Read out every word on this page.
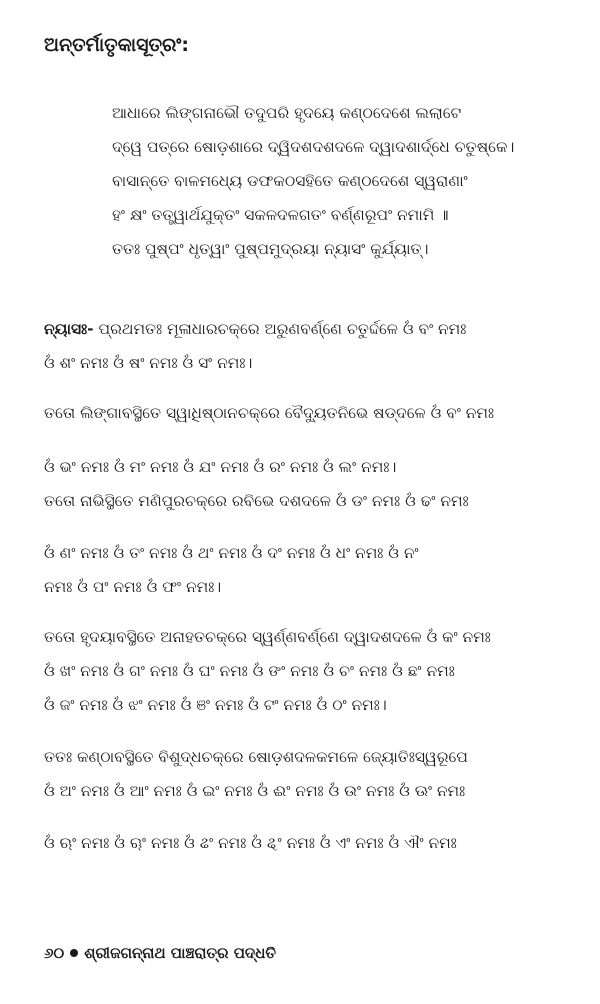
ଅନ୍ତର୍ମାତୃକାସୂତ୍ରଂ:
ଆଧାରେ ଲିଙ୍ଗନାଭୌ ତଦୁପରି ହୃଦୟେ କଣ୍ଠଦେଶେ ଲଲାଟେ
ଦ୍ୱେ ପତ୍ରେ ଷୋଡ଼ଶାରେ ଦ୍ୱିଦଶଦଶଦଳେ ଦ୍ୱାଦଶାର୍ଦ୍ଧେ ଚତୁଷ୍କେ।
ବାସାନ୍ତେ ବାଳମଧ୍ୟେ ଡଫକଠସହିତେ କଣ୍ଠଦେଶେ ସ୍ୱରାଣାଂ
ହଂ କ୍ଷଂ ତତ୍ତ୍ୱାର୍ଥଯୁକ୍ତଂ ସକଳଦଳଗତଂ ବର୍ଣ୍ଣରୂପଂ ନମାମି ॥
ତତଃ ପୁଷ୍ପଂ ଧୃତ୍ୱାଂ ପୁଷ୍ପମୁଦ୍ରୟା ନ୍ୟାସଂ କୁର୍ଯ୍ୟାତ୍।
ନ୍ୟାସଃ- ପ୍ରଥମତଃ ମୂଳାଧାରଚକ୍ରେ ଅରୁଣବର୍ଣ୍ଣେ ଚତୁର୍ଦ୍ଦଳେ ଓଁ ବଂ ନମଃ
ଓଁ ଶଂ ନମଃ ଓଁ ଷଂ ନମଃ ଓଁ ସଂ ନମଃ।
ତତୋ ଲିଙ୍ଗାବସ୍ଥିତେ ସ୍ୱାଧିଷ୍ଠାନଚକ୍ରେ ବୈଦ୍ୟୁତନିଭେ ଷଡ୍‌ଦଳେ ଓଁ ବଂ ନମଃ
ଓଁ ଭଂ ନମଃ ଓଁ ମଂ ନମଃ ଓଁ ଯଂ ନମଃ ଓଁ ରଂ ନମଃ ଓଁ ଲଂ ନମଃ।
ତତୋ ନାଭିସ୍ଥିତେ ମଣିପୁରଚକ୍ରେ ରବିଭେ ଦଶଦଳେ ଓଁ ଡଂ ନମଃ ଓଁ ଢଂ ନମଃ
ଓଁ ଣଂ ନମଃ ଓଁ ତଂ ନମଃ ଓଁ ଥଂ ନମଃ ଓଁ ଦଂ ନମଃ ଓଁ ଧଂ ନମଃ ଓଁ ନଂ
ନମଃ ଓଁ ପଂ ନମଃ ଓଁ ଫଂ ନମଃ।
ତତୋ ହୃଦୟାବସ୍ଥିତେ ଅନାହତଚକ୍ରେ ସ୍ୱର୍ଣ୍ଣବର୍ଣ୍ଣେ ଦ୍ୱାଦଶଦଳେ ଓଁ କଂ ନମଃ
ଓଁ ଖଂ ନମଃ ଓଁ ଗଂ ନମଃ ଓଁ ଘଂ ନମଃ ଓଁ ଙଂ ନମଃ ଓଁ ଚଂ ନମଃ ଓଁ ଛଂ ନମଃ
ଓଁ ଜଂ ନମଃ ଓଁ ଝଂ ନମଃ ଓଁ ଞଂ ନମଃ ଓଁ ଟଂ ନମଃ ଓଁ ଠଂ ନମଃ।
ତତଃ କଣ୍ଠାବସ୍ଥିତେ ବିଶୁଦ୍ଧଚକ୍ରେ ଷୋଡ଼ଶଦଳକମଳେ ଜ୍ୟୋତିଃସ୍ୱରୂପେ
ଓଁ ଅଂ ନମଃ ଓଁ ଆଂ ନମଃ ଓଁ ଇଂ ନମଃ ଓଁ ଈଂ ନମଃ ଓଁ ଉଂ ନମଃ ଓଁ ଊଂ ନମଃ
ଓଁ ଋଂ ନମଃ ଓଁ ୠଂ ନମଃ ଓଁ ଌଂ ନମଃ ଓଁ ୡଂ ନମଃ ଓଁ ଏଂ ନମଃ ଓଁ ଐଂ ନମଃ
୬୦ ଶ୍ରୀଜଗନ୍ନାଥ ପାଞ୍ଚରାତ୍ର ପଦ୍ଧତି
